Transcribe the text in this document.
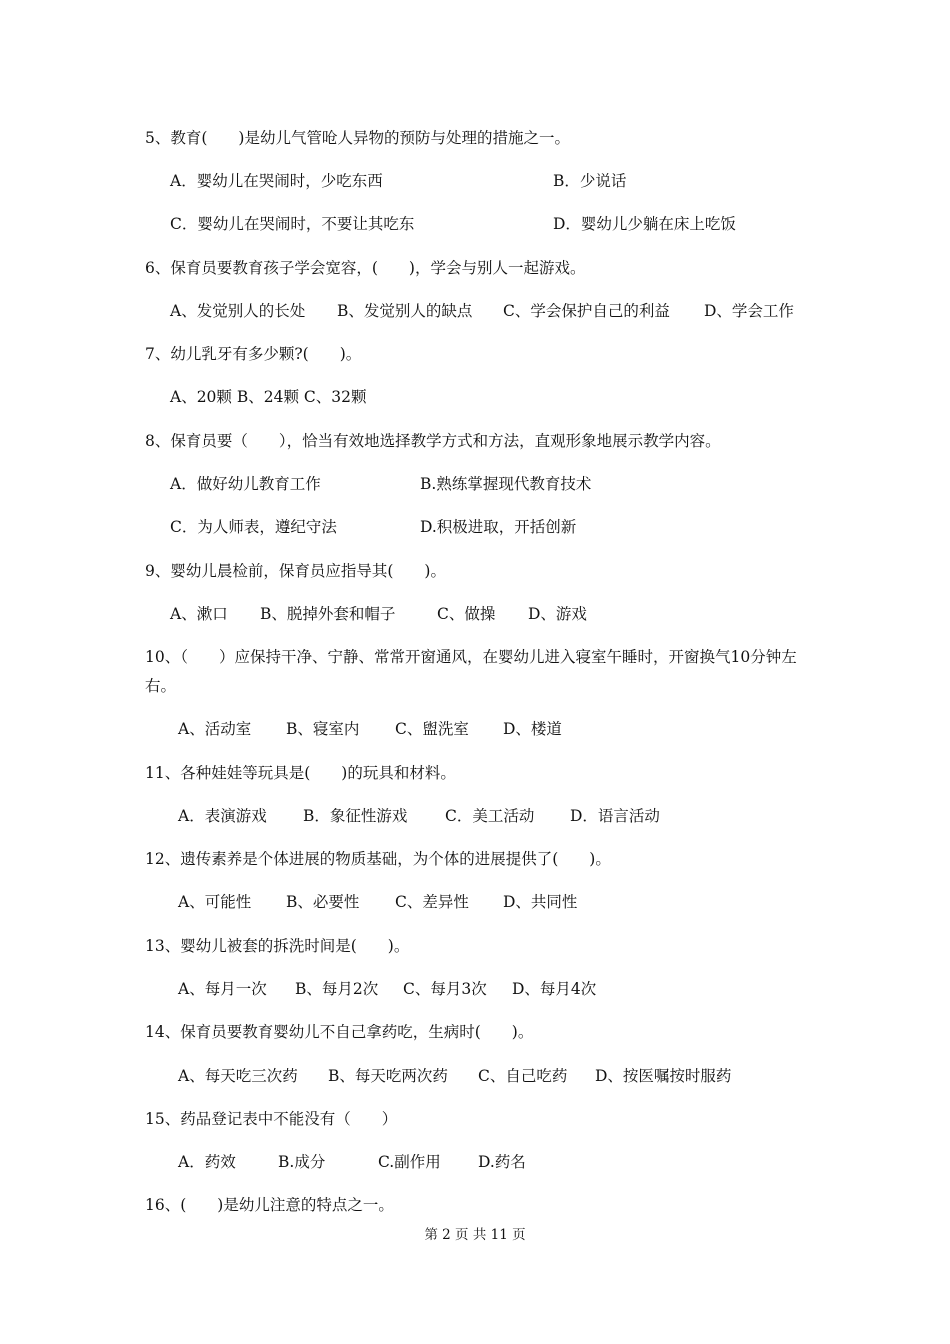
5、教育(　　)是幼儿气管呛人异物的预防与处理的措施之一。
A．婴幼儿在哭闹时，少吃东西	B．少说话
C．婴幼儿在哭闹时，不要让其吃东	D．婴幼儿少躺在床上吃饭
6、保育员要教育孩子学会宽容，(　　)，学会与别人一起游戏。
A、发觉别人的长处 B、发觉别人的缺点 C、学会保护自己的利益 D、学会工作
7、幼儿乳牙有多少颗?(　　)。
A、20颗 B、24颗 C、32颗
8、保育员要（　　），恰当有效地选择教学方式和方法，直观形象地展示教学内容。
A．做好幼儿教育工作	B.熟练掌握现代教育技术
C．为人师表，遵纪守法	D.积极进取，开括创新
9、婴幼儿晨检前，保育员应指导其(　　)。
A、漱口 B、脱掉外套和帽子	C、做操 D、游戏
10、（　　）应保持干净、宁静、常常开窗通风，在婴幼儿进入寝室午睡时，开窗换气10分钟左右。
A、活动室 B、寝室内 C、盥洗室 D、楼道
11、各种娃娃等玩具是(　　)的玩具和材料。
A．表演游戏 B．象征性游戏 C．美工活动 D．语言活动
12、遗传素养是个体进展的物质基础，为个体的进展提供了(　　)。
A、可能性 B、必要性 C、差异性 D、共同性
13、婴幼儿被套的拆洗时间是(　　)。
A、每月一次 B、每月2次 C、每月3次 D、每月4次
14、保育员要教育婴幼儿不自己拿药吃，生病时(　　)。
A、每天吃三次药 B、每天吃两次药 C、自己吃药 D、按医嘱按时服药
15、药品登记表中不能没有（　　）
A．药效	B.成分	C.副作用 D.药名
16、(　　)是幼儿注意的特点之一。
第 2 页 共 11 页
